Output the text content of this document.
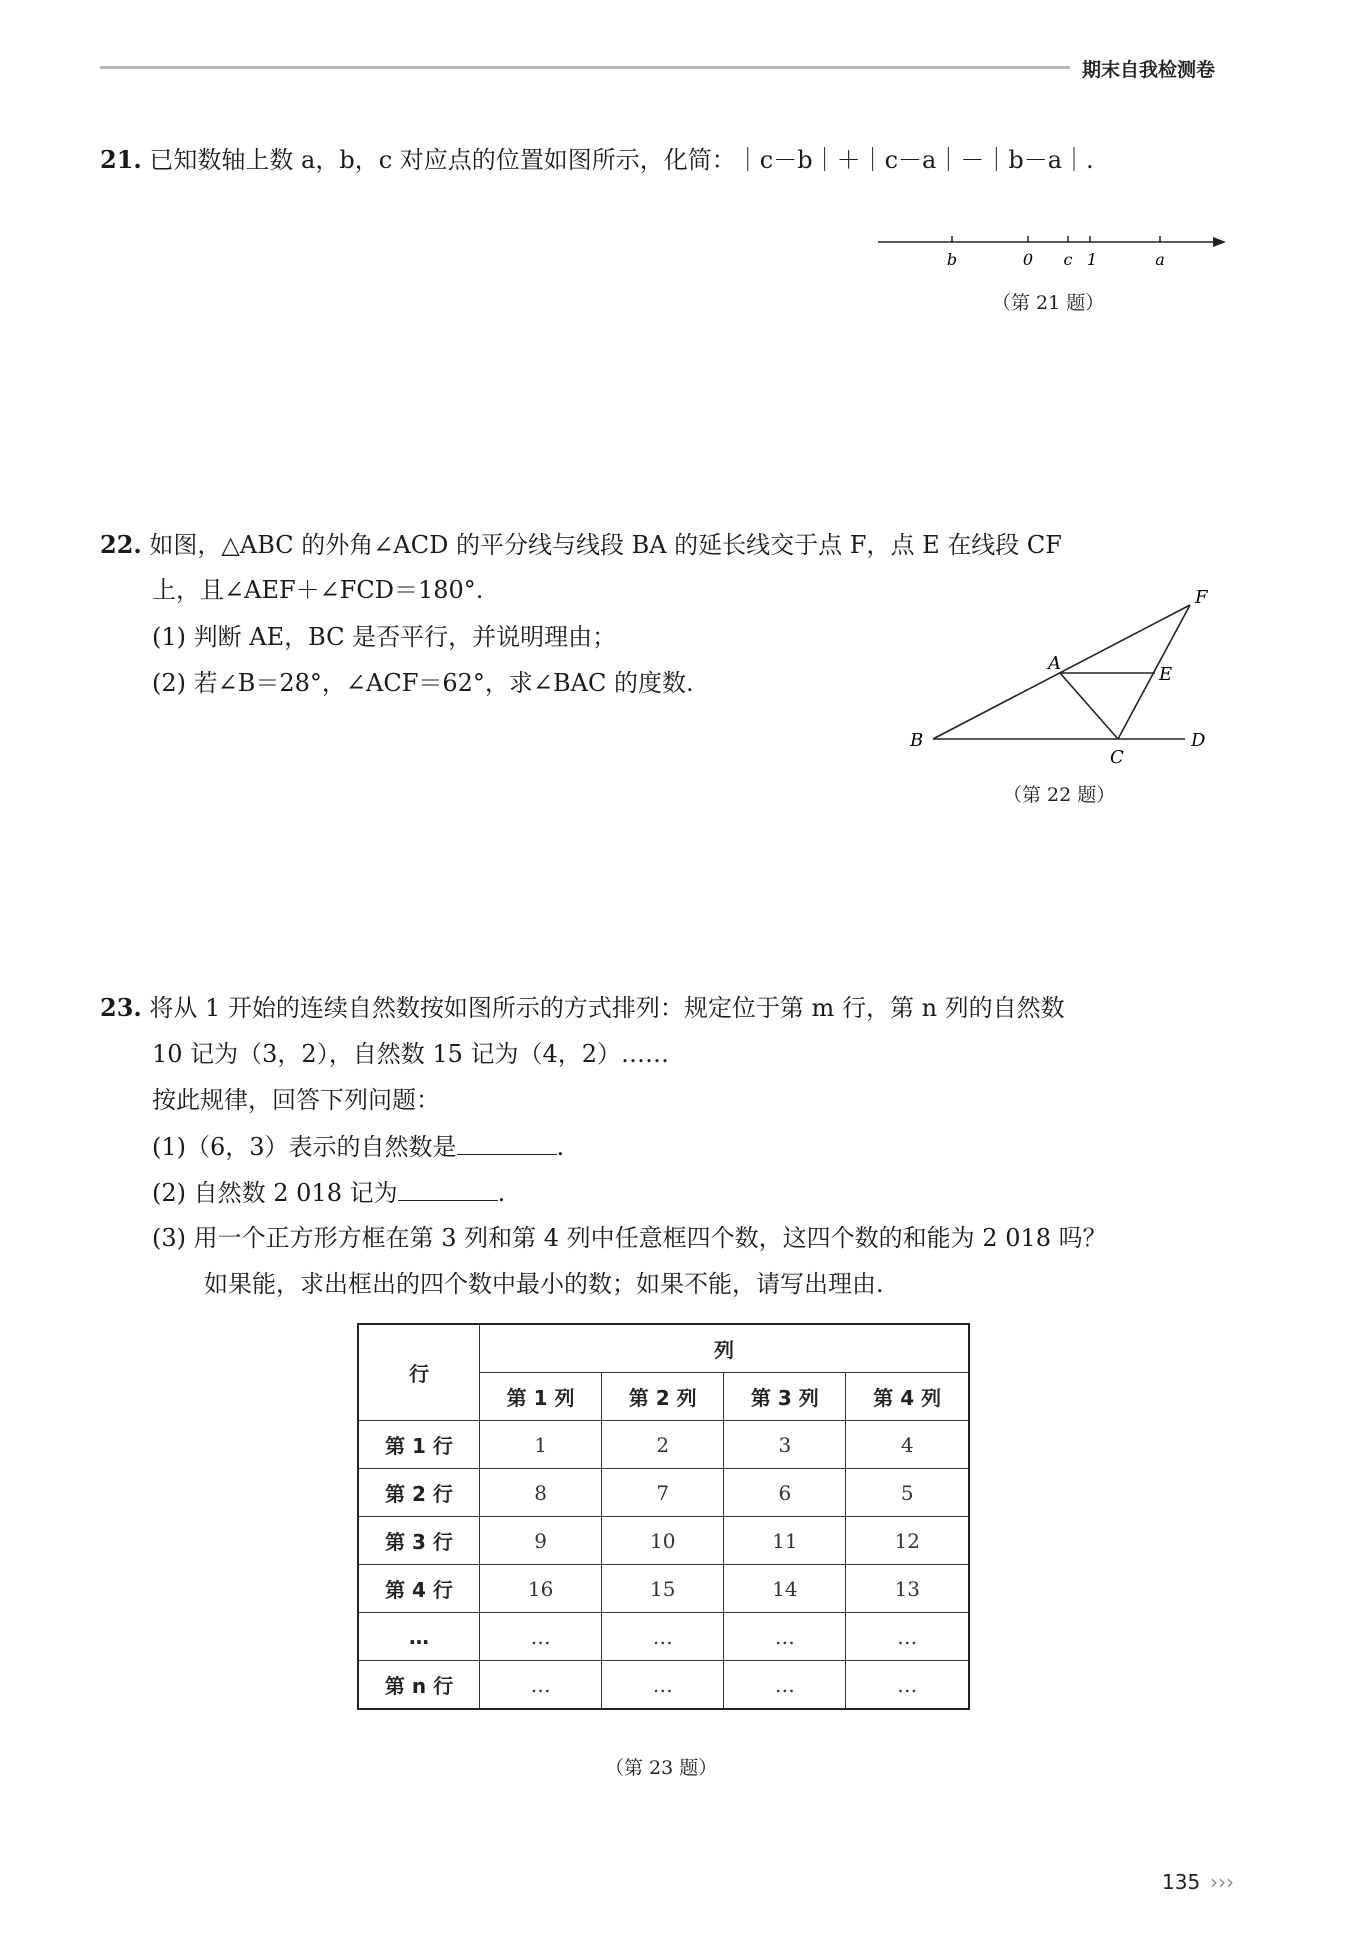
期末自我检测卷
21. 已知数轴上数 a，b，c 对应点的位置如图所示，化简：｜c－b｜＋｜c－a｜－｜b－a｜.
b	0 c 1	a
（第 21 题）
22. 如图，△ABC 的外角∠ACD 的平分线与线段 BA 的延长线交于点 F，点 E 在线段 CF
上，且∠AEF＋∠FCD＝180°.
(1) 判断 AE，BC 是否平行，并说明理由；
(2) 若∠B＝28°，∠ACF＝62°，求∠BAC 的度数.
A
B
C
D
E
F
（第 22 题）
23. 将从 1 开始的连续自然数按如图所示的方式排列：规定位于第 m 行，第 n 列的自然数
10 记为（3，2），自然数 15 记为（4，2）……
按此规律，回答下列问题：
(1)（6，3）表示的自然数是	.
(2) 自然数 2 018 记为	.
(3) 用一个正方形方框在第 3 列和第 4 列中任意框四个数，这四个数的和能为 2 018 吗？
如果能，求出框出的四个数中最小的数；如果不能，请写出理由.
行	列			
	第 1 列	第 2 列	第 3 列	第 4 列
第 1 行	1	2	3	4
第 2 行	8	7	6	5
第 3 行	9	10	11	12
第 4 行	16	15	14	13
…	…	…	…	…
第 n 行	…	…	…	…
（第 23 题）
135 ›››
